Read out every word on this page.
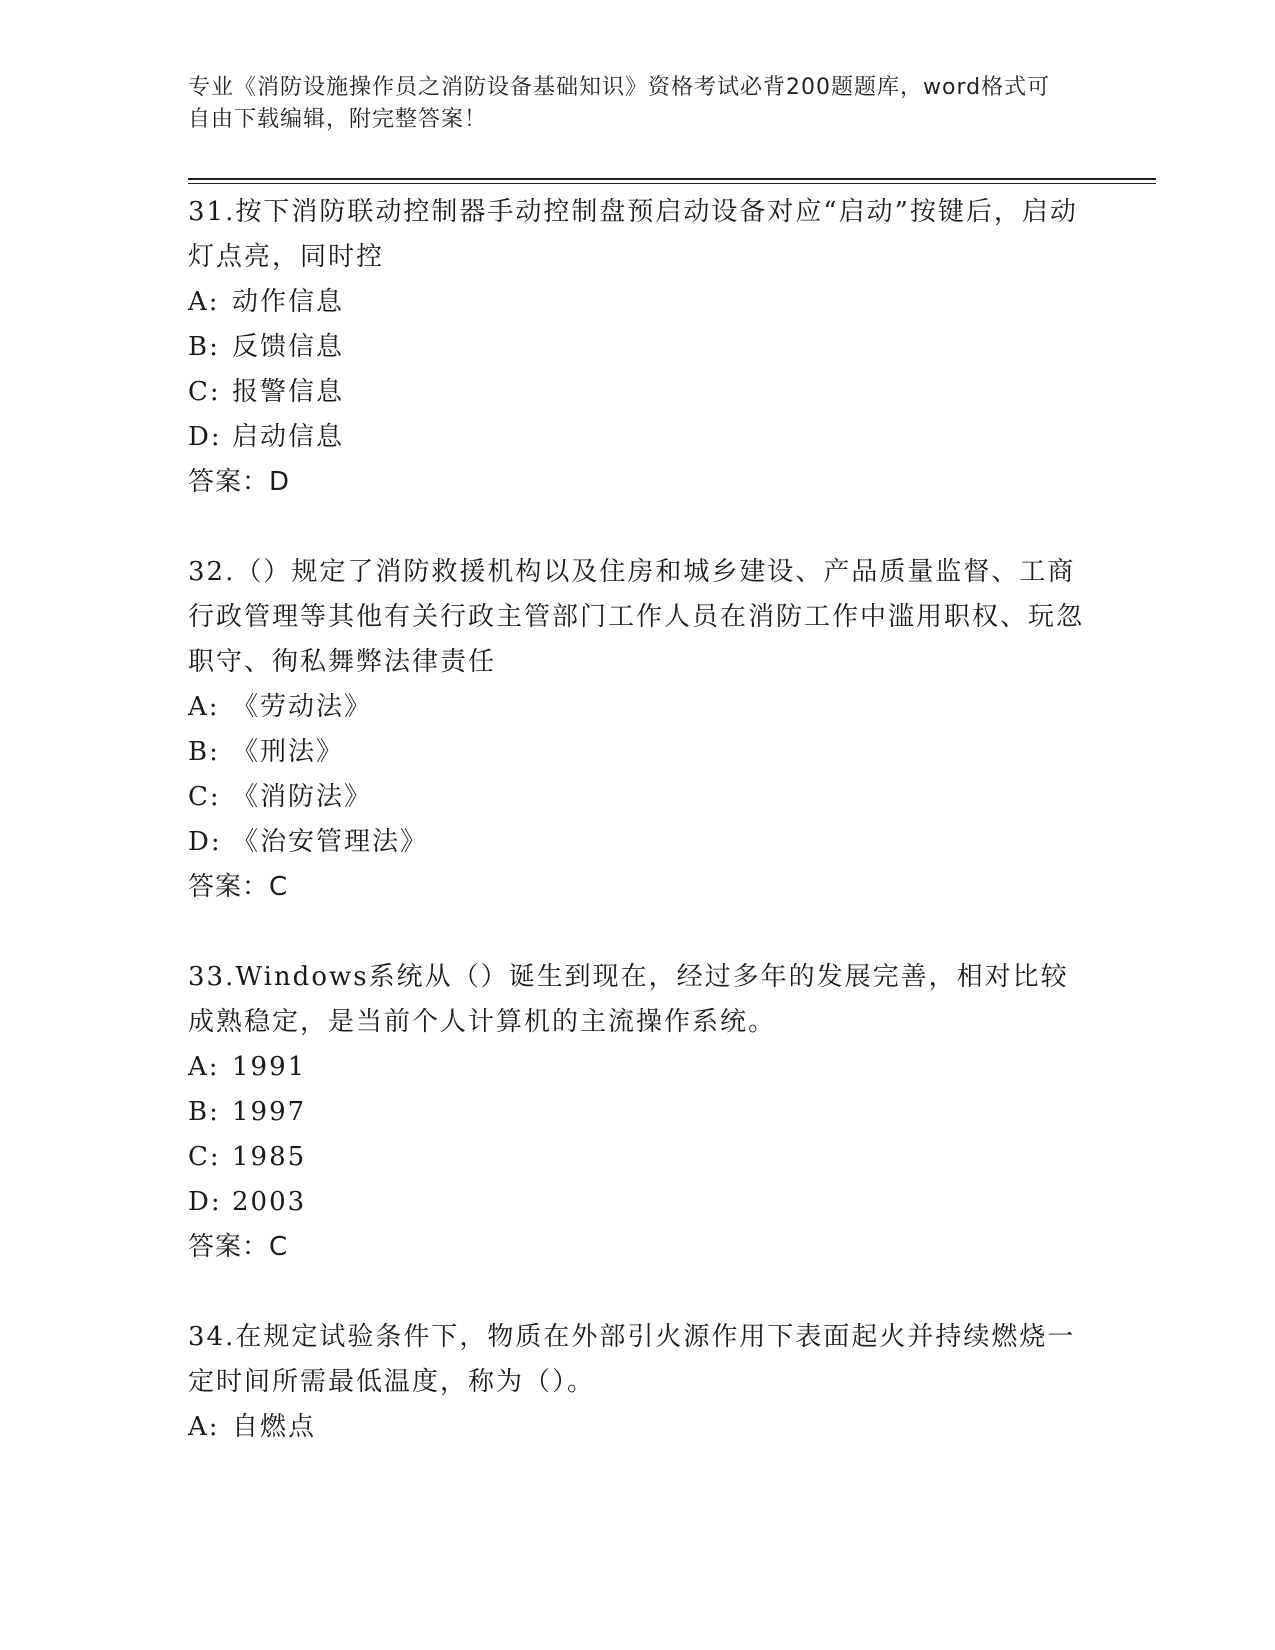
专业《消防设施操作员之消防设备基础知识》资格考试必背200题题库，word格式可自由下载编辑，附完整答案！
31.按下消防联动控制器手动控制盘预启动设备对应“启动”按键后，启动灯点亮，同时控
A: 动作信息
B: 反馈信息
C: 报警信息
D: 启动信息
答案：D
32.（）规定了消防救援机构以及住房和城乡建设、产品质量监督、工商行政管理等其他有关行政主管部门工作人员在消防工作中滥用职权、玩忽职守、徇私舞弊法律责任
A: 《劳动法》
B: 《刑法》
C: 《消防法》
D: 《治安管理法》
答案：C
33.Windows系统从（）诞生到现在，经过多年的发展完善，相对比较成熟稳定，是当前个人计算机的主流操作系统。
A: 1991
B: 1997
C: 1985
D: 2003
答案：C
34.在规定试验条件下，物质在外部引火源作用下表面起火并持续燃烧一定时间所需最低温度，称为（）。
A: 自燃点
